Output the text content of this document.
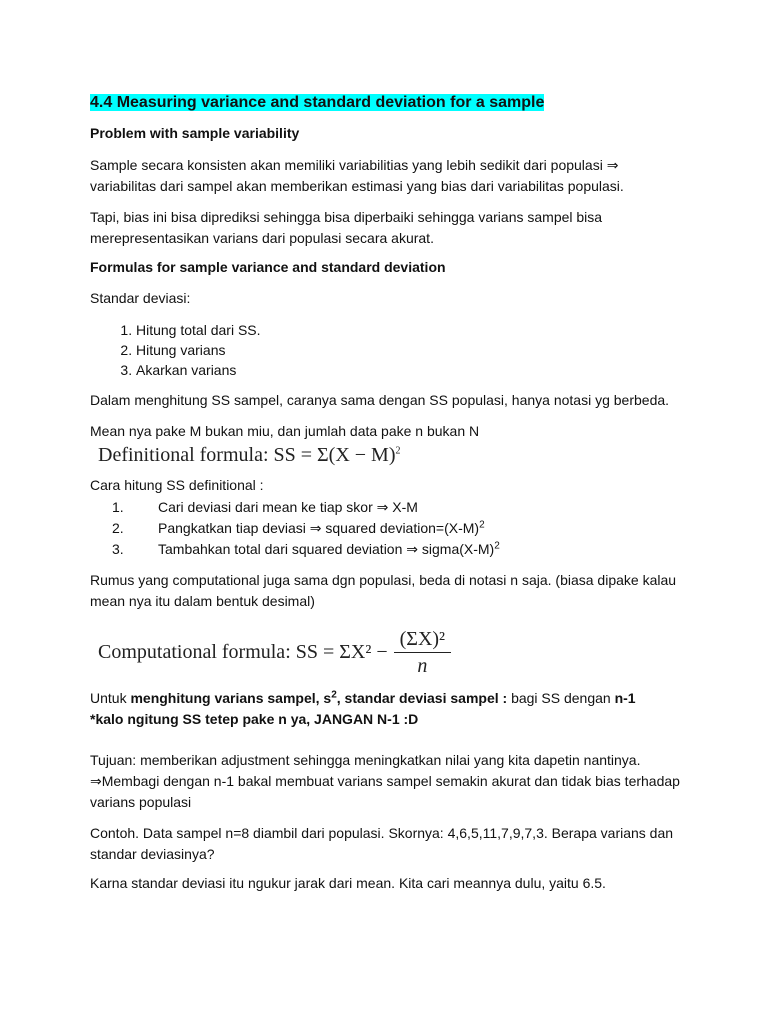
4.4 Measuring variance and standard deviation for a sample
Problem with sample variability
Sample secara konsisten akan memiliki variabilitias yang lebih sedikit dari populasi ⇒
variabilitas dari sampel akan memberikan estimasi yang bias dari variabilitas populasi.
Tapi, bias ini bisa diprediksi sehingga bisa diperbaiki sehingga varians sampel bisa
merepresentasikan varians dari populasi secara akurat.
Formulas for sample variance and standard deviation
Standar deviasi:
1. Hitung total dari SS.
2. Hitung varians
3. Akarkan varians
Dalam menghitung SS sampel, caranya sama dengan SS populasi, hanya notasi yg berbeda.
Mean nya pake M bukan miu, dan jumlah data pake n bukan N
Definitional formula: SS = $\Sigma(X - M)^2$
Cara hitung SS definitional :
1.	Cari deviasi dari mean ke tiap skor ⇒ X-M
2.	Pangkatkan tiap deviasi ⇒ squared $deviation=(X-M)^2$
3.	Tambahkan total dari squared deviation ⇒ $sigma(X-M)^2$
Rumus yang computational juga sama dgn populasi, beda di notasi n saja. (biasa dipake kalau
mean nya itu dalam bentuk desimal)
Computational formula: SS = $\Sigma X^2 - \frac{\text{(ΣX)²}}{n}$
Untuk menghitung varians sampel, $s^2$, standar deviasi sampel : bagi SS dengan n-1
*kalo ngitung SS tetep pake n ya, JANGAN N-1 :D
Tujuan: memberikan adjustment sehingga meningkatkan nilai yang kita dapetin nantinya.
⇒Membagi dengan n-1 bakal membuat varians sampel semakin akurat dan tidak bias terhadap
varians populasi
Contoh. Data sampel n=8 diambil dari populasi. Skornya: 4,6,5,11,7,9,7,3. Berapa varians dan
standar deviasinya?
Karna standar deviasi itu ngukur jarak dari mean. Kita cari meannya dulu, yaitu 6.5.
